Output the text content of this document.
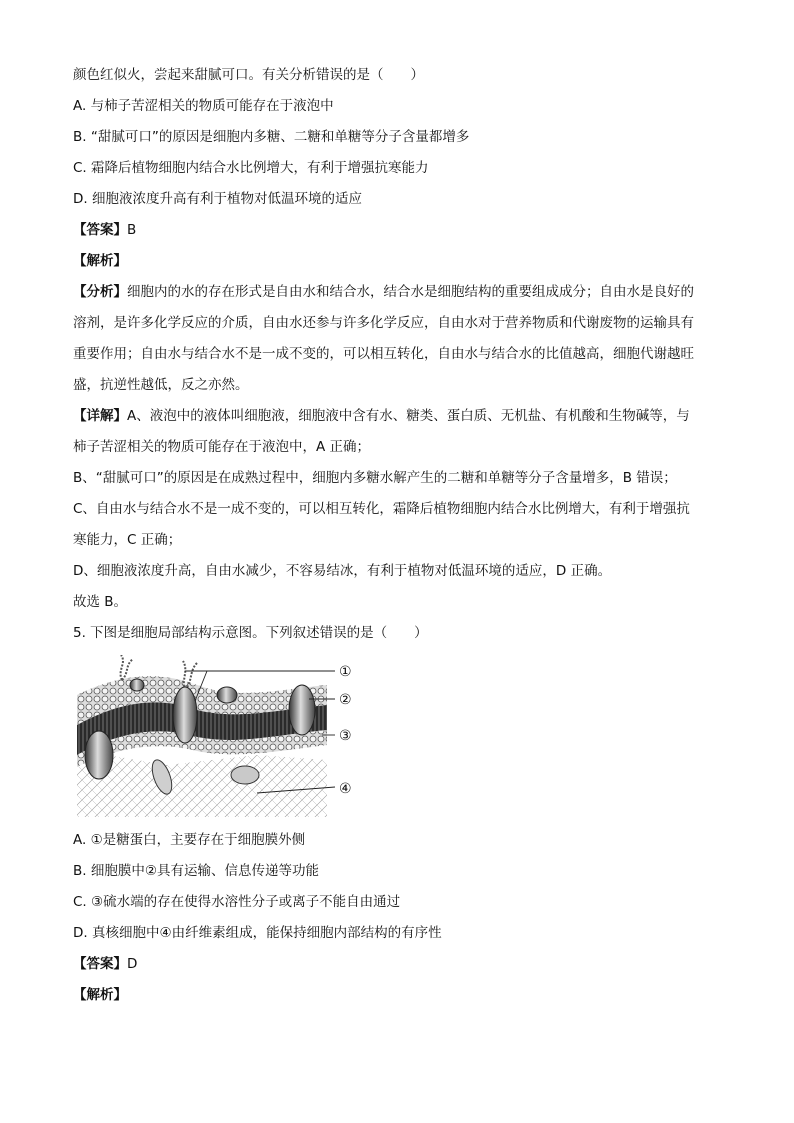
颜色红似火，尝起来甜腻可口。有关分析错误的是（　　）
A. 与柿子苦涩相关的物质可能存在于液泡中
B. “甜腻可口”的原因是细胞内多糖、二糖和单糖等分子含量都增多
C. 霜降后植物细胞内结合水比例增大，有利于增强抗寒能力
D. 细胞液浓度升高有利于植物对低温环境的适应
【答案】B
【解析】
【分析】细胞内的水的存在形式是自由水和结合水，结合水是细胞结构的重要组成成分；自由水是良好的
溶剂，是许多化学反应的介质，自由水还参与许多化学反应，自由水对于营养物质和代谢废物的运输具有
重要作用；自由水与结合水不是一成不变的，可以相互转化，自由水与结合水的比值越高，细胞代谢越旺
盛，抗逆性越低，反之亦然。
【详解】A、液泡中的液体叫细胞液，细胞液中含有水、糖类、蛋白质、无机盐、有机酸和生物碱等，与
柿子苦涩相关的物质可能存在于液泡中，A 正确；
B、“甜腻可口”的原因是在成熟过程中，细胞内多糖水解产生的二糖和单糖等分子含量增多，B 错误；
C、自由水与结合水不是一成不变的，可以相互转化，霜降后植物细胞内结合水比例增大，有利于增强抗
寒能力，C 正确；
D、细胞液浓度升高，自由水减少，不容易结冰，有利于植物对低温环境的适应，D 正确。
故选 B。
5. 下图是细胞局部结构示意图。下列叙述错误的是（　　）
①
②
③
④
A. ①是糖蛋白，主要存在于细胞膜外侧
B. 细胞膜中②具有运输、信息传递等功能
C. ③硫水端的存在使得水溶性分子或离子不能自由通过
D. 真核细胞中④由纤维素组成，能保持细胞内部结构的有序性
【答案】D
【解析】
